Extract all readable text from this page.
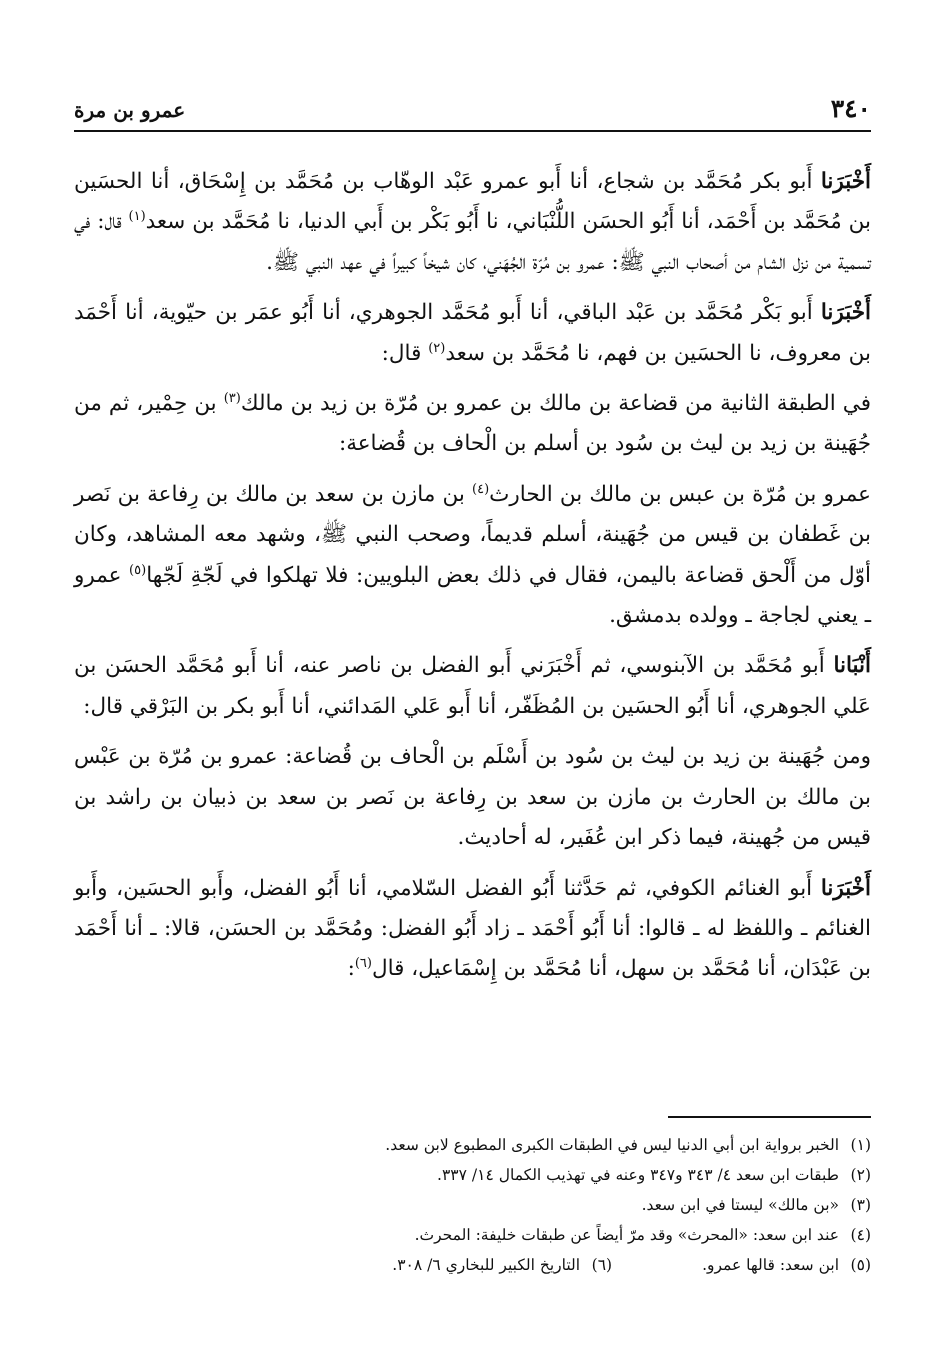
٣٤٠
عمرو بن مرة

أَخْبَرَنا أَبو بكر مُحَمَّد بن شجاع، أنا أَبو عمرو عَبْد الوهّاب بن مُحَمَّد بن إِسْحَاق، أنا الحسَين بن مُحَمَّد بن أَحْمَد، أنا أَبُو الحسَن اللُّنْبَاني، نا أَبُو بَكْر بن أَبي الدنيا، نا مُحَمَّد بن سعد$^{(١)}$ قال: في تسمية من نزل الشام من أصحاب النبي ﷺ: عمرو بن مُرّة الجُهَني، كان شيخاً كبيراً في عهد النبي ﷺ.

أَخْبَرَنا أَبو بَكْر مُحَمَّد بن عَبْد الباقي، أنا أَبو مُحَمَّد الجوهري، أنا أَبُو عمَر بن حيّوية، أنا أَحْمَد بن معروف، نا الحسَين بن فهم، نا مُحَمَّد بن سعد$^{(٢)}$ قال:

في الطبقة الثانية من قضاعة بن مالك بن عمرو بن مُرّة بن زيد بن مالك$^{(٣)}$ بن حِمْير، ثم من جُهَينة بن زيد بن ليث بن سُود بن أسلم بن الْحاف بن قُضاعة:

عمرو بن مُرّة بن عبس بن مالك بن الحارث$^{(٤)}$ بن مازن بن سعد بن مالك بن رِفاعة بن نَصر بن غَطفان بن قيس من جُهَينة، أسلم قديماً، وصحب النبي ﷺ، وشهد معه المشاهد، وكان أوّل من أَلْحق قضاعة باليمن، فقال في ذلك بعض البلويين: فلا تهلكوا في لَجّةِ لَجّها$^{(٥)}$ عمرو ـ يعني لجاجة ـ وولده بدمشق.

أَنْبَانا أَبو مُحَمَّد بن الآبنوسي، ثم أَخْبَرَني أَبو الفضل بن ناصر عنه، أنا أَبو مُحَمَّد الحسَن بن عَلي الجوهري، أنا أَبُو الحسَين بن المُظَفّر، أنا أَبو عَلي المَدائني، أنا أَبو بكر بن البَرْقي قال:

ومن جُهَينة بن زيد بن ليث بن سُود بن أَسْلَم بن الْحاف بن قُضاعة: عمرو بن مُرّة بن عَبْس بن مالك بن الحارث بن مازن بن سعد بن رِفاعة بن نَصر بن سعد بن ذبيان بن راشد بن قيس من جُهينة، فيما ذكر ابن عُفَير، له أحاديث.

أَخْبَرَنا أَبو الغنائم الكوفي، ثم حَدَّثنا أَبُو الفضل السّلامي، أنا أَبُو الفضل، وأَبو الحسَين، وأَبو الغنائم ـ واللفظ له ـ قالوا: أنا أَبُو أَحْمَد ـ زاد أَبُو الفضل: ومُحَمَّد بن الحسَن، قالا: ـ أنا أَحْمَد بن عَبْدَان، أنا مُحَمَّد بن سهل، أنا مُحَمَّد بن إِسْمَاعيل، قال$^{(٦)}$:

(١)
الخبر برواية ابن أبي الدنيا ليس في الطبقات الكبرى المطبوع لابن سعد.
(٢)
طبقات ابن سعد ٤/ ٣٤٣ و٣٤٧ وعنه في تهذيب الكمال ١٤/ ٣٣٧.
(٣)
«بن مالك» ليستا في ابن سعد.
(٤)
عند ابن سعد: «المحرث» وقد مرّ أيضاً عن طبقات خليفة: المحرث.
(٥)
ابن سعد: قالها عمرو.
(٦)
التاريخ الكبير للبخاري ٦/ ٣٠٨.
